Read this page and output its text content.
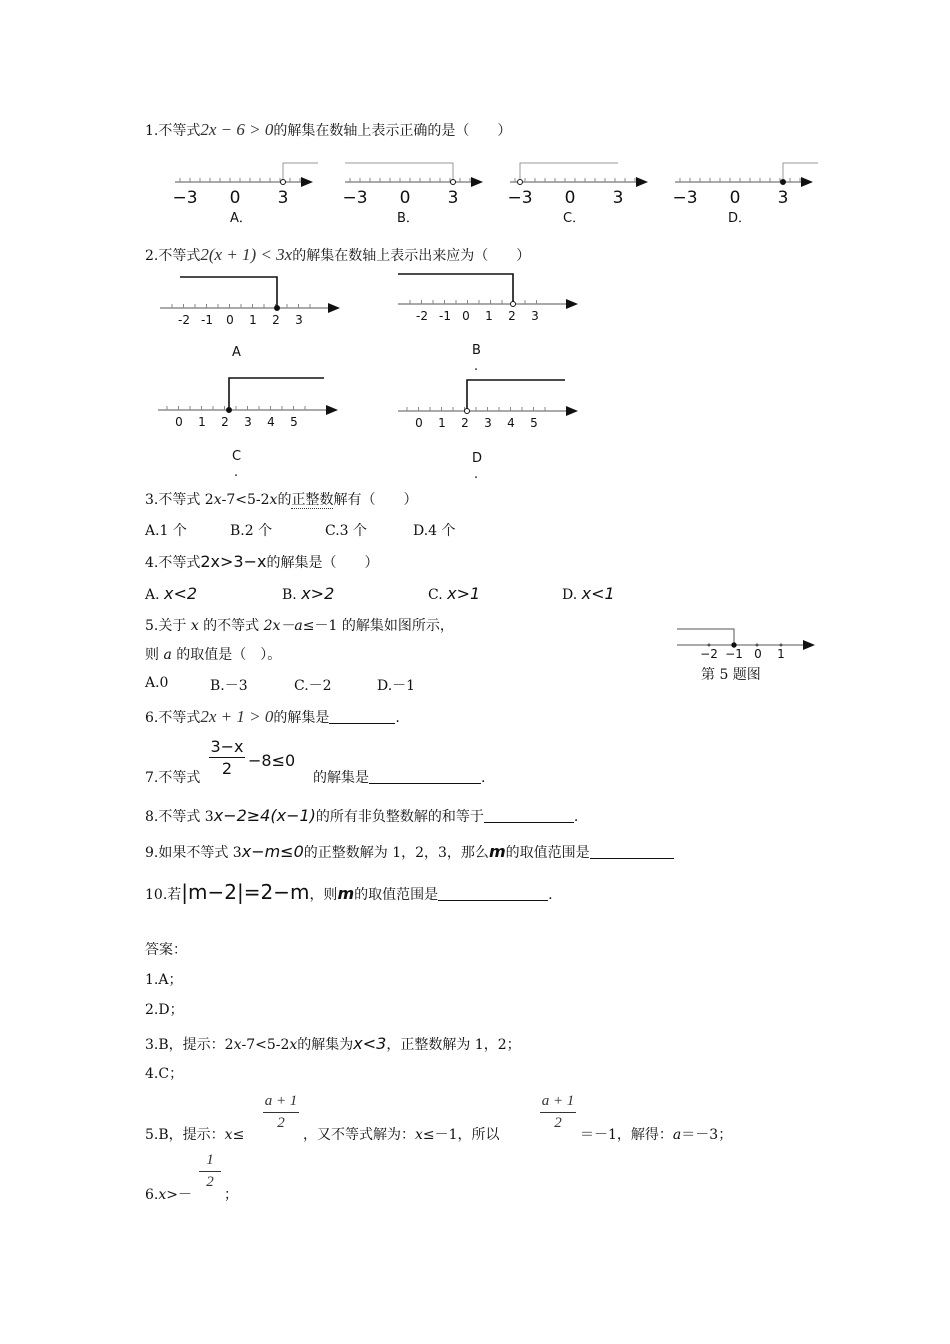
1.不等式2x − 6 > 0的解集在数轴上表示正确的是（　　）
−3 0 3
A．
−3 0 3
B．
−3 0 3
C．
−3 0 3
D．
2.不等式2(x + 1) < 3x的解集在数轴上表示出来应为（　　）
-2 -1 0 1 2 3
A
-2 -1 0 1 2 3
B
.
0 1 2 3 4 5
C
.
0 1 2 3 4 5
D
.
3.不等式 2x-7<5-2x的正整数解有（　　）
A.1 个	B.2 个	C.3 个	D.4 个
4.不等式2x>3−x的解集是（　　）
A. x<2	B. x>2	C. x>1	D. x<1
5.关于 x 的不等式 2x－a≤－1 的解集如图所示，
则 a 的取值是（　）。
A.0	B.－3	C.－2	D.－1
−2 −1 0 1
第 5 题图
6.不等式2x + 1 > 0的解集是	.
7.不等式
3−x
2 −8≤0
的解集是	.
8.不等式 3x−2≥4(x−1)的所有非负整数解的和等于	.
9.如果不等式 3x−m≤0的正整数解为 1，2，3，那么m的取值范围是
10.若|m−2|=2−m，则m的取值范围是	.
答案：
1.A；
2.D；
3.B，提示：2x-7<5-2x的解集为x<3，正整数解为 1，2；
4.C；
5.B，提示：x≤
a + 1
2
，又不等式解为：x≤－1，所以
a + 1
2
＝－1，解得：a＝－3；
6.x>－
1
2
；
